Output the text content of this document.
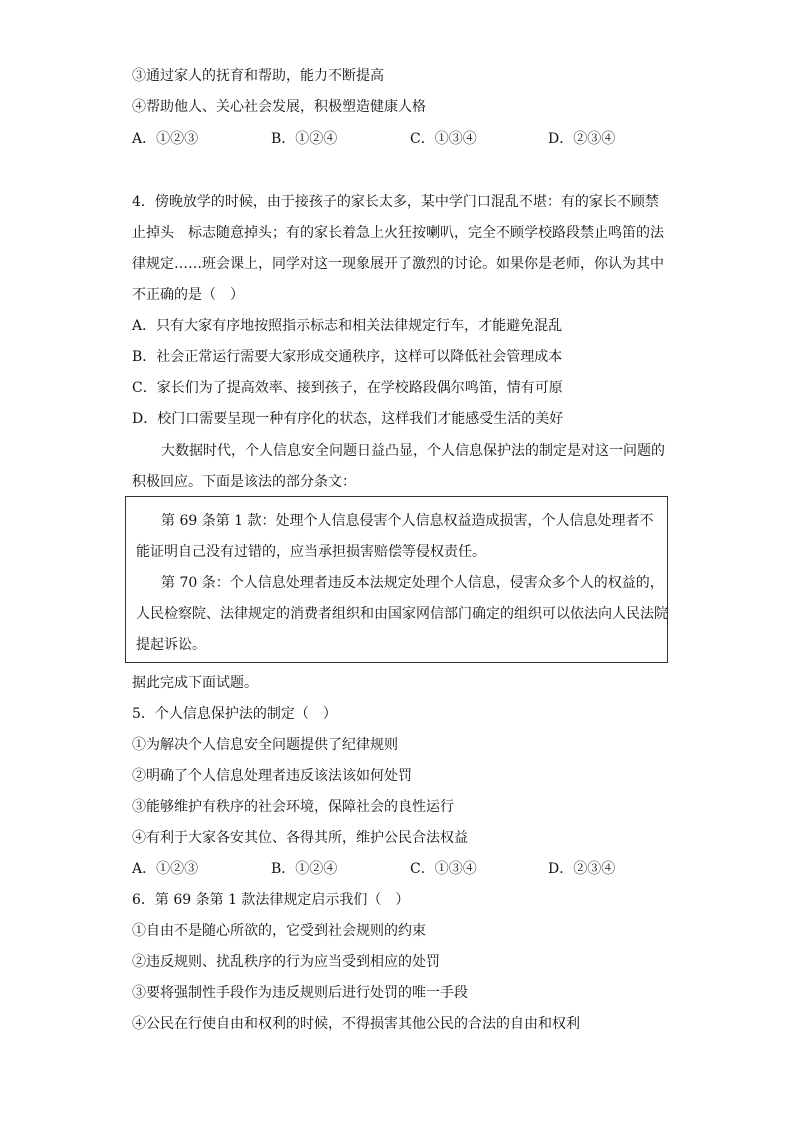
③通过家人的抚育和帮助，能力不断提高
④帮助他人、关心社会发展，积极塑造健康人格
A．①②③	B．①②④	C．①③④	D．②③④
4．傍晚放学的时候，由于接孩子的家长太多，某中学门口混乱不堪：有的家长不顾禁
止掉头　标志随意掉头；有的家长着急上火狂按喇叭，完全不顾学校路段禁止鸣笛的法
律规定……班会课上，同学对这一现象展开了激烈的讨论。如果你是老师，你认为其中
不正确的是（　）
A．只有大家有序地按照指示标志和相关法律规定行车，才能避免混乱
B．社会正常运行需要大家形成交通秩序，这样可以降低社会管理成本
C．家长们为了提高效率、接到孩子，在学校路段偶尔鸣笛，情有可原
D．校门口需要呈现一种有序化的状态，这样我们才能感受生活的美好
大数据时代，个人信息安全问题日益凸显，个人信息保护法的制定是对这一问题的
积极回应。下面是该法的部分条文：
第 69 条第 1 款：处理个人信息侵害个人信息权益造成损害，个人信息处理者不
能证明自己没有过错的，应当承担损害赔偿等侵权责任。
第 70 条：个人信息处理者违反本法规定处理个人信息，侵害众多个人的权益的，
人民检察院、法律规定的消费者组织和由国家网信部门确定的组织可以依法向人民法院
提起诉讼。
据此完成下面试题。
5．个人信息保护法的制定（　）
①为解决个人信息安全问题提供了纪律规则
②明确了个人信息处理者违反该法该如何处罚
③能够维护有秩序的社会环境，保障社会的良性运行
④有利于大家各安其位、各得其所，维护公民合法权益
A．①②③	B．①②④	C．①③④	D．②③④
6．第 69 条第 1 款法律规定启示我们（　）
①自由不是随心所欲的，它受到社会规则的约束
②违反规则、扰乱秩序的行为应当受到相应的处罚
③要将强制性手段作为违反规则后进行处罚的唯一手段
④公民在行使自由和权利的时候，不得损害其他公民的合法的自由和权利
